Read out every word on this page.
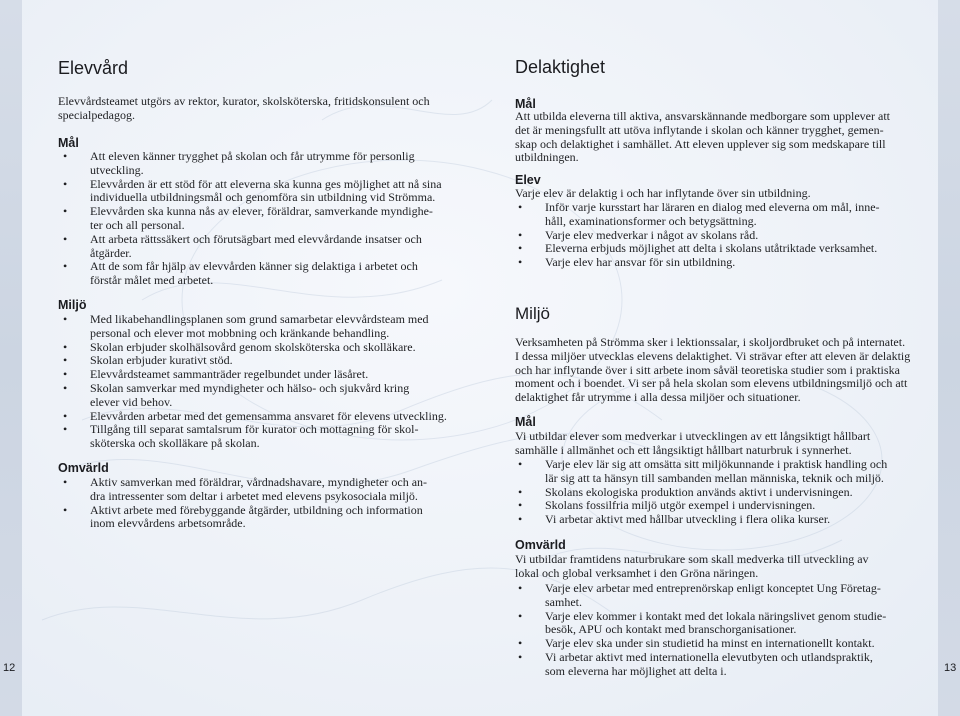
Elevvård
Elevvårdsteamet utgörs av rektor, kurator, skolsköterska, fritidskonsulent och
specialpedagog.
Mål
• Att eleven känner trygghet på skolan och får utrymme för personlig
utveckling.
• Elevvården är ett stöd för att eleverna ska kunna ges möjlighet att nå sina
individuella utbildningsmål och genomföra sin utbildning vid Strömma.
• Elevvården ska kunna nås av elever, föräldrar, samverkande myndighe-
ter och all personal.
• Att arbeta rättssäkert och förutsägbart med elevvårdande insatser och
åtgärder.
• Att de som får hjälp av elevvården känner sig delaktiga i arbetet och
förstår målet med arbetet.
Miljö
• Med likabehandlingsplanen som grund samarbetar elevvårdsteam med
personal och elever mot mobbning och kränkande behandling.
• Skolan erbjuder skolhälsovård genom skolsköterska och skolläkare.
• Skolan erbjuder kurativt stöd.
• Elevvårdsteamet sammanträder regelbundet under läsåret.
• Skolan samverkar med myndigheter och hälso- och sjukvård kring
elever vid behov.
• Elevvården arbetar med det gemensamma ansvaret för elevens utveckling.
• Tillgång till separat samtalsrum för kurator och mottagning för skol-
sköterska och skolläkare på skolan.
Omvärld
• Aktiv samverkan med föräldrar, vårdnadshavare, myndigheter och an-
dra intressenter som deltar i arbetet med elevens psykosociala miljö.
• Aktivt arbete med förebyggande åtgärder, utbildning och information
inom elevvårdens arbetsområde.
12
Delaktighet
Mål
Att utbilda eleverna till aktiva, ansvarskännande medborgare som upplever att
det är meningsfullt att utöva inflytande i skolan och känner trygghet, gemen-
skap och delaktighet i samhället. Att eleven upplever sig som medskapare till
utbildningen.
Elev
Varje elev är delaktig i och har inflytande över sin utbildning.
• Inför varje kursstart har läraren en dialog med eleverna om mål, inne-
håll, examinationsformer och betygsättning.
• Varje elev medverkar i något av skolans råd.
• Eleverna erbjuds möjlighet att delta i skolans utåtriktade verksamhet.
• Varje elev har ansvar för sin utbildning.
Miljö
Verksamheten på Strömma sker i lektionssalar, i skoljordbruket och på internatet.
I dessa miljöer utvecklas elevens delaktighet. Vi strävar efter att eleven är delaktig
och har inflytande över i sitt arbete inom såväl teoretiska studier som i praktiska
moment och i boendet. Vi ser på hela skolan som elevens utbildningsmiljö och att
delaktighet får utrymme i alla dessa miljöer och situationer.
Mål
Vi utbildar elever som medverkar i utvecklingen av ett långsiktigt hållbart
samhälle i allmänhet och ett långsiktigt hållbart naturbruk i synnerhet.
• Varje elev lär sig att omsätta sitt miljökunnande i praktisk handling och
lär sig att ta hänsyn till sambanden mellan människa, teknik och miljö.
• Skolans ekologiska produktion används aktivt i undervisningen.
• Skolans fossilfria miljö utgör exempel i undervisningen.
• Vi arbetar aktivt med hållbar utveckling i flera olika kurser.
Omvärld
Vi utbildar framtidens naturbrukare som skall medverka till utveckling av
lokal och global verksamhet i den Gröna näringen.
• Varje elev arbetar med entreprenörskap enligt konceptet Ung Företag-
samhet.
• Varje elev kommer i kontakt med det lokala näringslivet genom studie-
besök, APU och kontakt med branschorganisationer.
• Varje elev ska under sin studietid ha minst en internationellt kontakt.
• Vi arbetar aktivt med internationella elevutbyten och utlandspraktik,
som eleverna har möjlighet att delta i.	13
